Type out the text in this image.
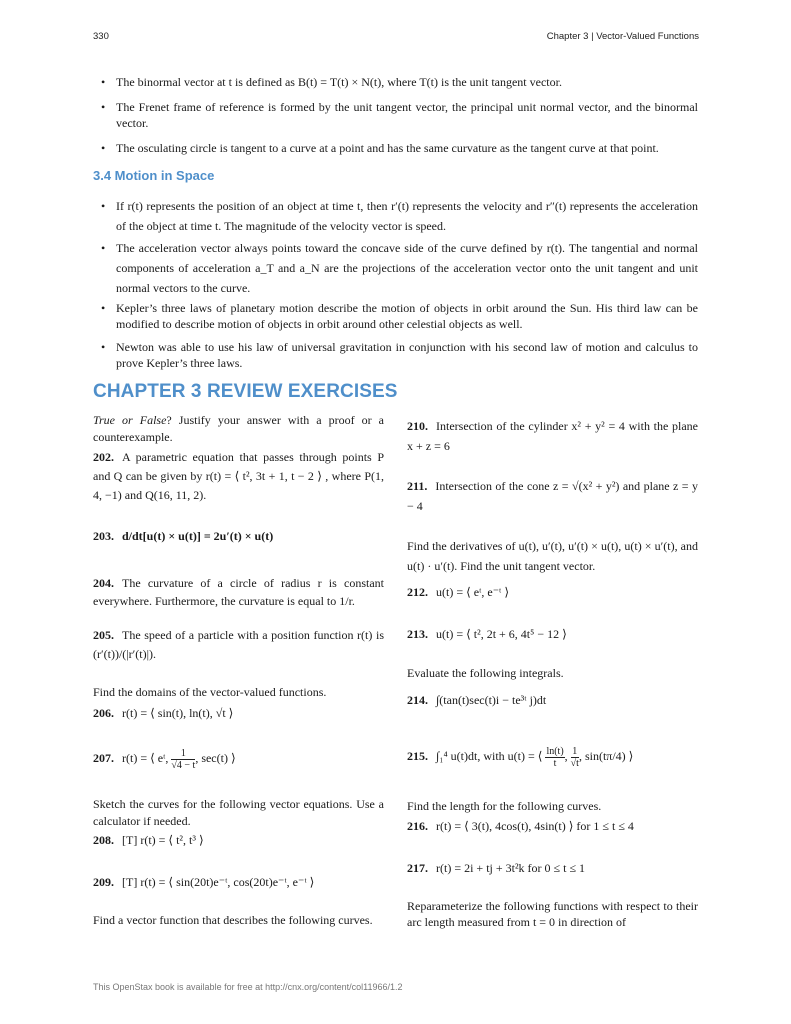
330	Chapter 3 | Vector-Valued Functions
• The binormal vector at t is defined as B(t) = T(t) × N(t), where T(t) is the unit tangent vector.
• The Frenet frame of reference is formed by the unit tangent vector, the principal unit normal vector, and the binormal vector.
• The osculating circle is tangent to a curve at a point and has the same curvature as the tangent curve at that point.
3.4 Motion in Space
• If r(t) represents the position of an object at time t, then r′(t) represents the velocity and r″(t) represents the acceleration of the object at time t. The magnitude of the velocity vector is speed.
• The acceleration vector always points toward the concave side of the curve defined by r(t). The tangential and normal components of acceleration a_T and a_N are the projections of the acceleration vector onto the unit tangent and unit normal vectors to the curve.
• Kepler’s three laws of planetary motion describe the motion of objects in orbit around the Sun. His third law can be modified to describe motion of objects in orbit around other celestial objects as well.
• Newton was able to use his law of universal gravitation in conjunction with his second law of motion and calculus to prove Kepler’s three laws.
CHAPTER 3 REVIEW EXERCISES
True or False? Justify your answer with a proof or a counterexample.
202. A parametric equation that passes through points P and Q can be given by r(t) = ⟨ t², 3t + 1, t − 2 ⟩ , where P(1, 4, −1) and Q(16, 11, 2).
203. d/dt[u(t) × u(t)] = 2u′(t) × u(t)
204. The curvature of a circle of radius r is constant everywhere. Furthermore, the curvature is equal to 1/r.
205. The speed of a particle with a position function r(t) is (r′(t))/(|r′(t)|).
Find the domains of the vector-valued functions.
206. r(t) = ⟨ sin(t), ln(t), √t ⟩
207. r(t) = ⟨ eᵗ, $\frac{1}{√4 - t}$ , sec(t) ⟩
Sketch the curves for the following vector equations. Use a calculator if needed.
208. [T] r(t) = ⟨ t², t³ ⟩
209. [T] r(t) = ⟨ sin(20t)e⁻ᵗ, cos(20t)e⁻ᵗ, e⁻ᵗ ⟩
Find a vector function that describes the following curves.
210. Intersection of the cylinder x² + y² = 4 with the plane x + z = 6
211. Intersection of the cone z = √(x² + y²) and plane z = y − 4
Find the derivatives of u(t), u′(t), u′(t) × u(t), u(t) × u′(t), and u(t) · u′(t). Find the unit tangent vector.
212. u(t) = ⟨ eᵗ, e⁻ᵗ ⟩
213. u(t) = ⟨ t², 2t + 6, 4t⁵ − 12 ⟩
Evaluate the following integrals.
214. ∫(tan(t)sec(t)i − te³ᵗ j)dt
215. ∫₁⁴ u(t)dt, with u(t) = ⟨ $\frac{\ln(t)}{t}$ , $\frac{1}{√t}$ , sin(tπ/4) ⟩
Find the length for the following curves.
216. r(t) = ⟨ 3(t), 4cos(t), 4sin(t) ⟩ for 1 ≤ t ≤ 4
217. r(t) = 2i + tj + 3t²k for 0 ≤ t ≤ 1
Reparameterize the following functions with respect to their arc length measured from t = 0 in direction of
This OpenStax book is available for free at http://cnx.org/content/col11966/1.2
